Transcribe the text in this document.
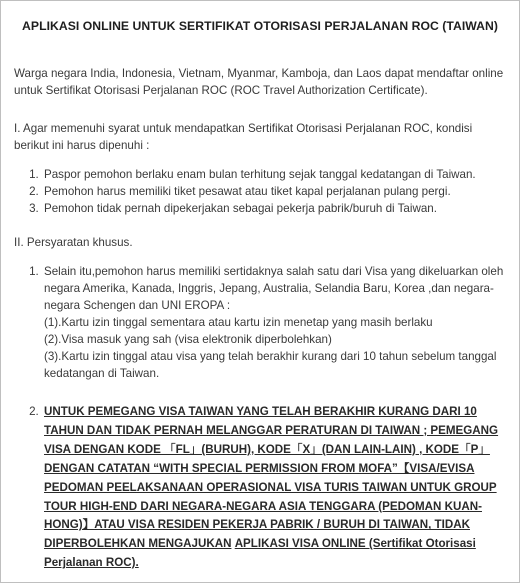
APLIKASI ONLINE UNTUK SERTIFIKAT OTORISASI PERJALANAN ROC (TAIWAN)

Warga negara India, Indonesia, Vietnam, Myanmar, Kamboja, dan Laos dapat mendaftar online untuk Sertifikat Otorisasi Perjalanan ROC (ROC Travel Authorization Certificate).

I. Agar memenuhi syarat untuk mendapatkan Sertifikat Otorisasi Perjalanan ROC, kondisi berikut ini harus dipenuhi :

1. Paspor pemohon berlaku enam bulan terhitung sejak tanggal kedatangan di Taiwan.
2. Pemohon harus memiliki tiket pesawat atau tiket kapal perjalanan pulang pergi.
3. Pemohon tidak pernah dipekerjakan sebagai pekerja pabrik/buruh di Taiwan.

II. Persyaratan khusus.

1. Selain itu,pemohon harus memiliki sertidaknya salah satu dari Visa yang dikeluarkan oleh negara Amerika, Kanada, Inggris, Jepang, Australia, Selandia Baru, Korea ,dan negara-negara Schengen dan UNI EROPA :
(1).Kartu izin tinggal sementara atau kartu izin menetap yang masih berlaku
(2).Visa masuk yang sah (visa elektronik diperbolehkan)
(3).Kartu izin tinggal atau visa yang telah berakhir kurang dari 10 tahun sebelum tanggal kedatangan di Taiwan.
2. UNTUK PEMEGANG VISA TAIWAN YANG TELAH BERAKHIR KURANG DARI 10 TAHUN DAN TIDAK PERNAH MELANGGAR PERATURAN DI TAIWAN ; PEMEGANG VISA DENGAN KODE 「FL」(BURUH), KODE「X」(DAN LAIN-LAIN) , KODE「P」DENGAN CATATAN “WITH SPECIAL PERMISSION FROM MOFA”【VISA/EVISA PEDOMAN PEELAKSANAAN OPERASIONAL VISA TURIS TAIWAN UNTUK GROUP TOUR HIGH-END DARI NEGARA-NEGARA ASIA TENGGARA (PEDOMAN KUAN-HONG)】ATAU VISA RESIDEN PEKERJA PABRIK / BURUH DI TAIWAN, TIDAK DIPERBOLEHKAN MENGAJUKAN APLIKASI VISA ONLINE (Sertifikat Otorisasi Perjalanan ROC).
